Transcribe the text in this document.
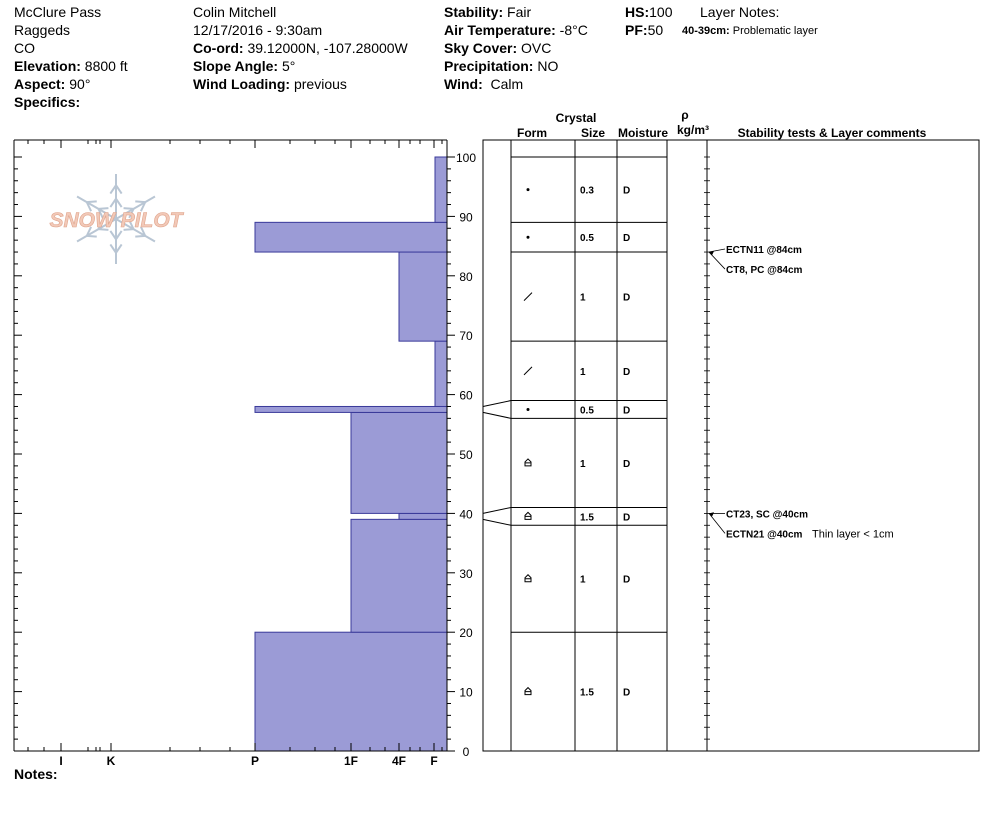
McClure Pass
Raggeds
CO
Elevation: 8800 ft
Aspect: 90°
Specifics:
Colin Mitchell
12/17/2016 - 9:30am
Co-ord: 39.12000N, -107.28000W
Slope Angle: 5°
Wind Loading: previous
Stability: Fair
Air Temperature: -8°C
Sky Cover: OVC
Precipitation: NO
Wind: Calm
HS:100
PF:50
Layer Notes:
40-39cm: Problematic layer
Notes:
SNOW PILOT
0
10
20
30
40
50
60
70
80
90
100
I	K	P	1F	4F F
Crystal
Form	Size Moisture
ρ
kg/m³ Stability tests & Layer comments
0.3	D
0.5	D
1	D
1	D
0.5	D
1	D
1.5	D
1	D
1.5	D
CT23, SC @40cm
ECTN21 @40cm Thin layer < 1cm
ECTN11 @84cm
CT8, PC @84cm
